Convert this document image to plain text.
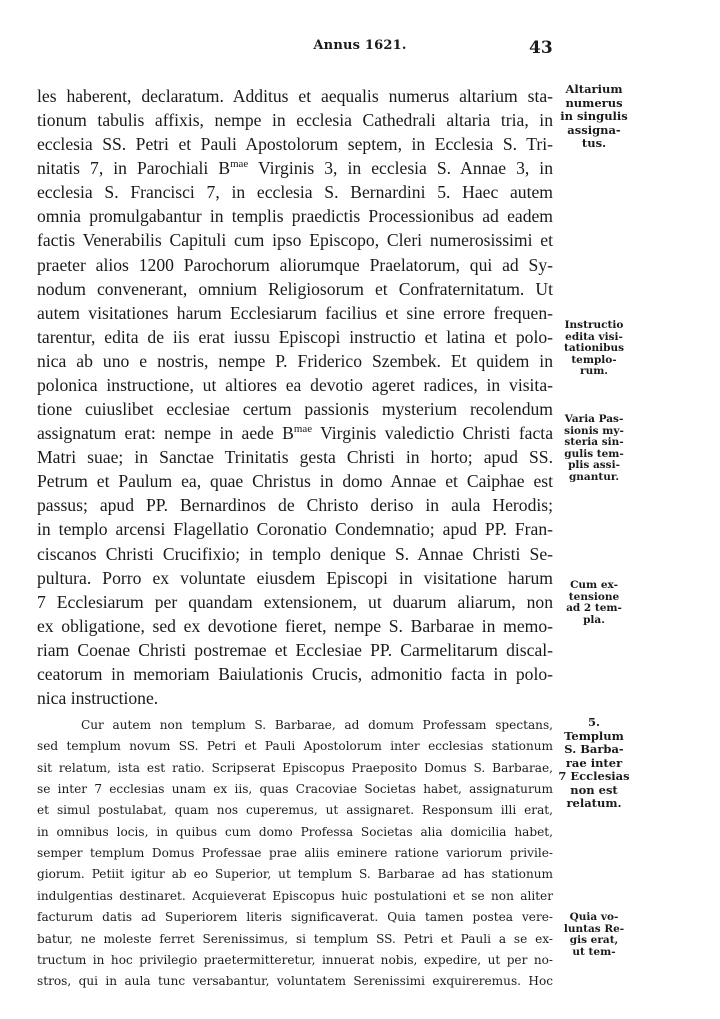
Annus 1621.	43
les haberent, declaratum. Additus et aequalis numerus altarium sta-
tionum tabulis affixis, nempe in ecclesia Cathedrali altaria tria, in
ecclesia SS. Petri et Pauli Apostolorum septem, in Ecclesia S. Tri-
nitatis 7, in Parochiali $B^{mae}$ Virginis 3, in ecclesia S. Annae 3, in
ecclesia S. Francisci 7, in ecclesia S. Bernardini 5. Haec autem
omnia promulgabantur in templis praedictis Processionibus ad eadem
factis Venerabilis Capituli cum ipso Episcopo, Cleri numerosissimi et
praeter alios 1200 Parochorum aliorumque Praelatorum, qui ad Sy-
nodum convenerant, omnium Religiosorum et Confraternitatum. Ut
autem visitationes harum Ecclesiarum facilius et sine errore frequen-
tarentur, edita de iis erat iussu Episcopi instructio et latina et polo-
nica ab uno e nostris, nempe P. Friderico Szembek. Et quidem in
polonica instructione, ut altiores ea devotio ageret radices, in visita-
tione cuiuslibet ecclesiae certum passionis mysterium recolendum
assignatum erat: nempe in aede $B^{mae}$ Virginis valedictio Christi facta
Matri suae; in Sanctae Trinitatis gesta Christi in horto; apud SS.
Petrum et Paulum ea, quae Christus in domo Annae et Caiphae est
passus; apud PP. Bernardinos de Christo deriso in aula Herodis;
in templo arcensi Flagellatio Coronatio Condemnatio; apud PP. Fran-
ciscanos Christi Crucifixio; in templo denique S. Annae Christi Se-
pultura. Porro ex voluntate eiusdem Episcopi in visitatione harum
7 Ecclesiarum per quandam extensionem, ut duarum aliarum, non
ex obligatione, sed ex devotione fieret, nempe S. Barbarae in memo-
riam Coenae Christi postremae et Ecclesiae PP. Carmelitarum discal-
ceatorum in memoriam Baiulationis Crucis, admonitio facta in polo-
nica instructione.
Cur autem non templum S. Barbarae, ad domum Professam spectans,
sed templum novum SS. Petri et Pauli Apostolorum inter ecclesias stationum
sit relatum, ista est ratio. Scripserat Episcopus Praeposito Domus S. Barbarae,
se inter 7 ecclesias unam ex iis, quas Cracoviae Societas habet, assignaturum
et simul postulabat, quam nos cuperemus, ut assignaret. Responsum illi erat,
in omnibus locis, in quibus cum domo Professa Societas alia domicilia habet,
semper templum Domus Professae prae aliis eminere ratione variorum privile-
giorum. Petiit igitur ab eo Superior, ut templum S. Barbarae ad has stationum
indulgentias destinaret. Acquieverat Episcopus huic postulationi et se non aliter
facturum datis ad Superiorem literis significaverat. Quia tamen postea vere-
batur, ne moleste ferret Serenissimus, si templum SS. Petri et Pauli a se ex-
tructum in hoc privilegio praetermitteretur, innuerat nobis, expedire, ut per no-
stros, qui in aula tunc versabantur, voluntatem Serenissimi exquireremus. Hoc
Altarium
numerus
in singulis
assigna-
tus.
Instructio
edita visi-
tationibus
templo-
rum.
Varia Pas-
sionis my-
steria sin-
gulis tem-
plis assi-
gnantur.
Cum ex-
tensione
ad 2 tem-
pla.
5.
Templum
S. Barba-
rae inter
7 Ecclesias
non est
relatum.
Quia vo-
luntas Re-
gis erat,
ut tem-
